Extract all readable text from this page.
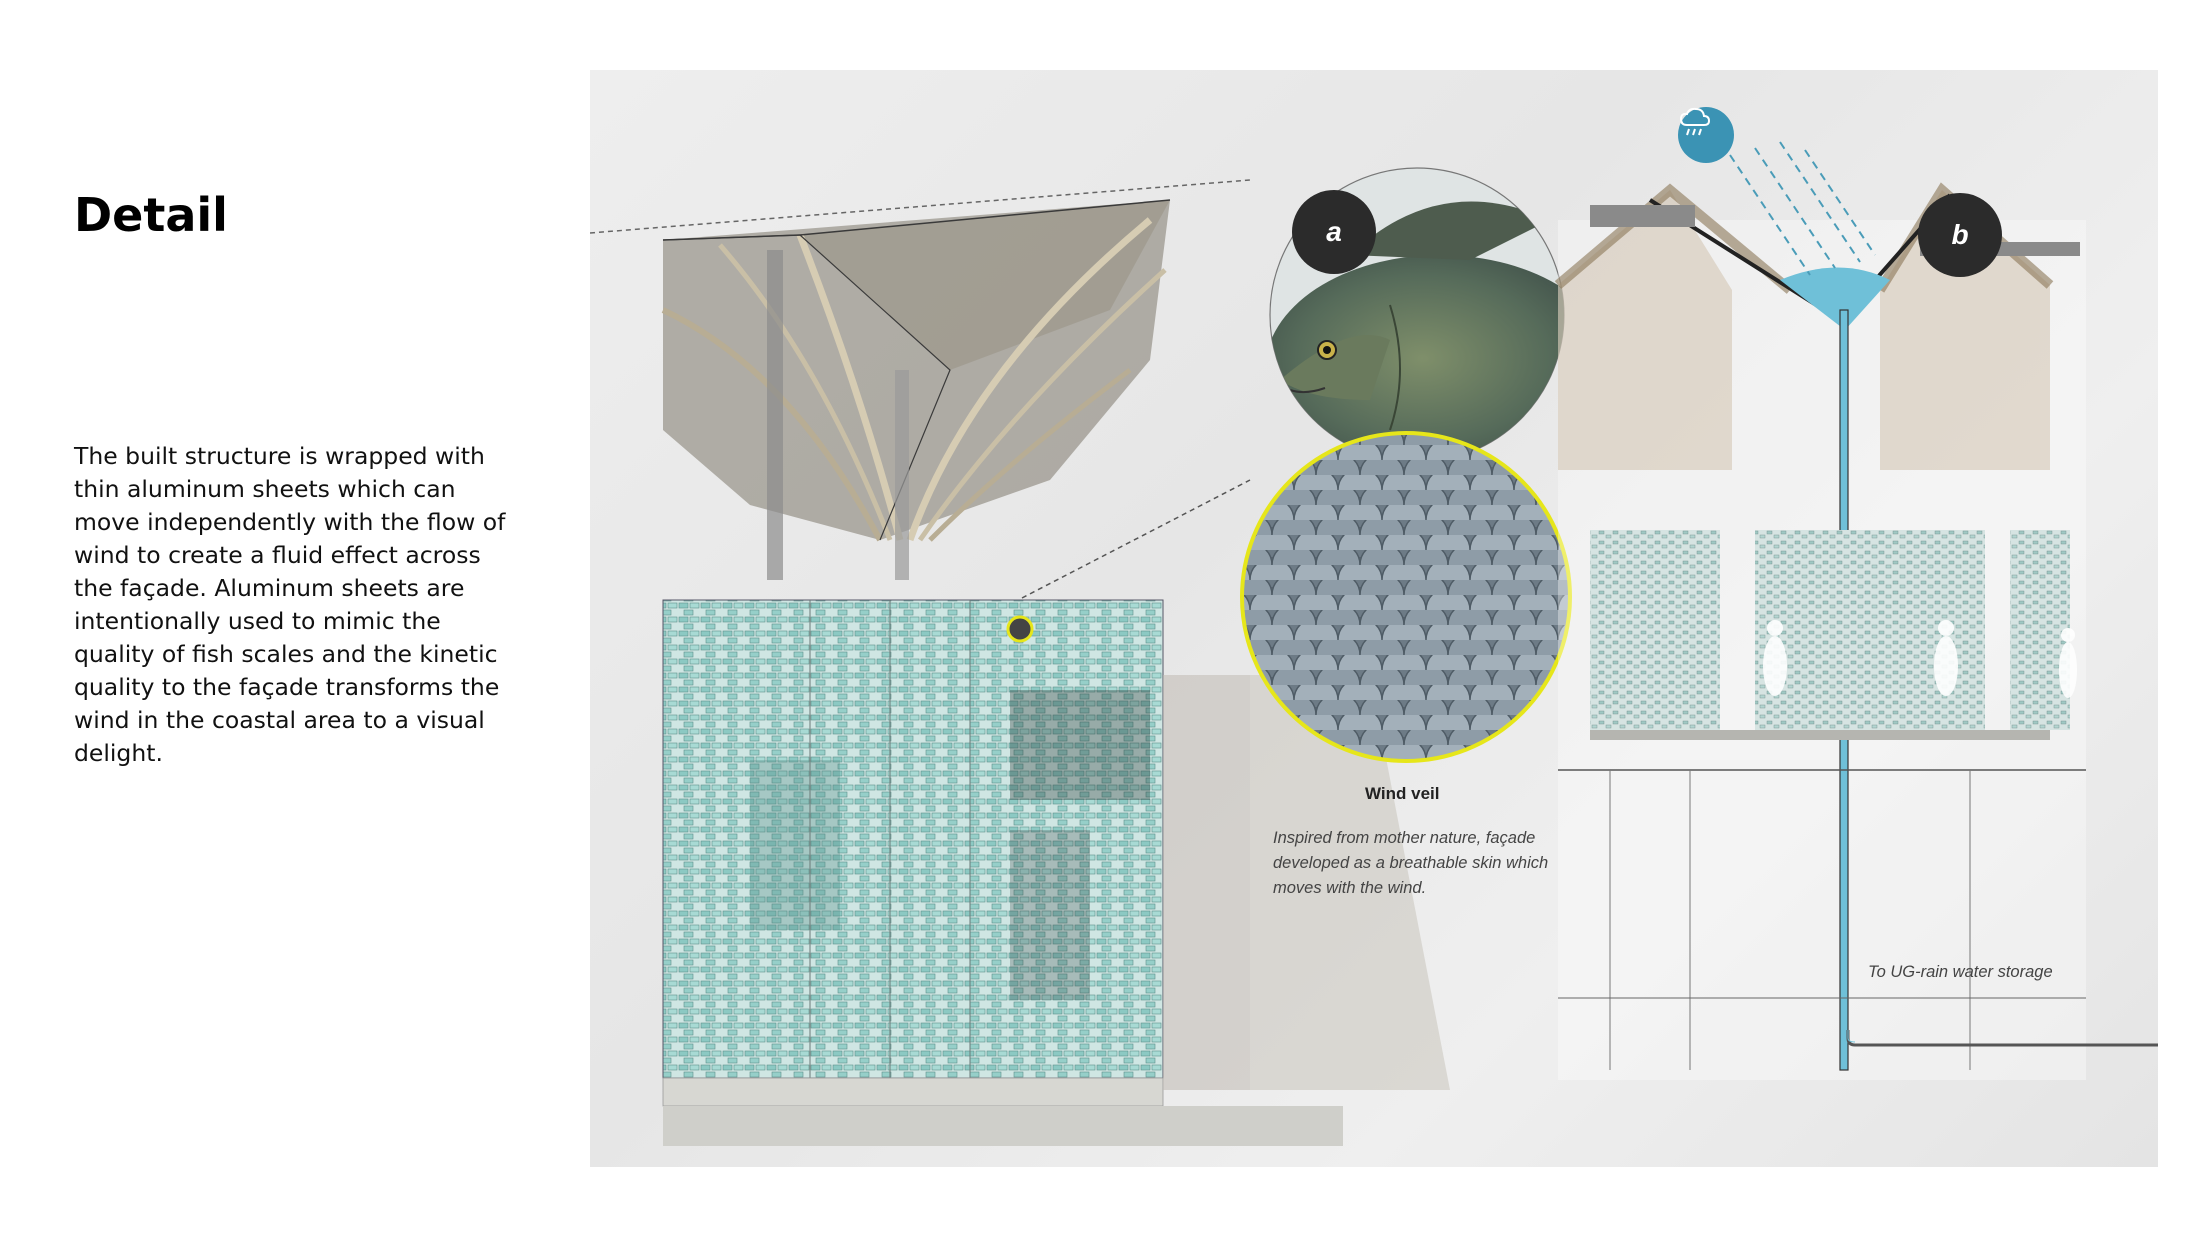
Detail

The built structure is wrapped with thin aluminum sheets which can move independently with the flow of wind to create a fluid effect across the façade. Aluminum sheets are intentionally used to mimic the quality of fish scales and the kinetic quality to the façade transforms the wind in the coastal area to a visual delight.

a	b
Wind veil
Inspired from mother nature, façade developed as a breathable skin which moves with the wind.
To UG-rain water storage
